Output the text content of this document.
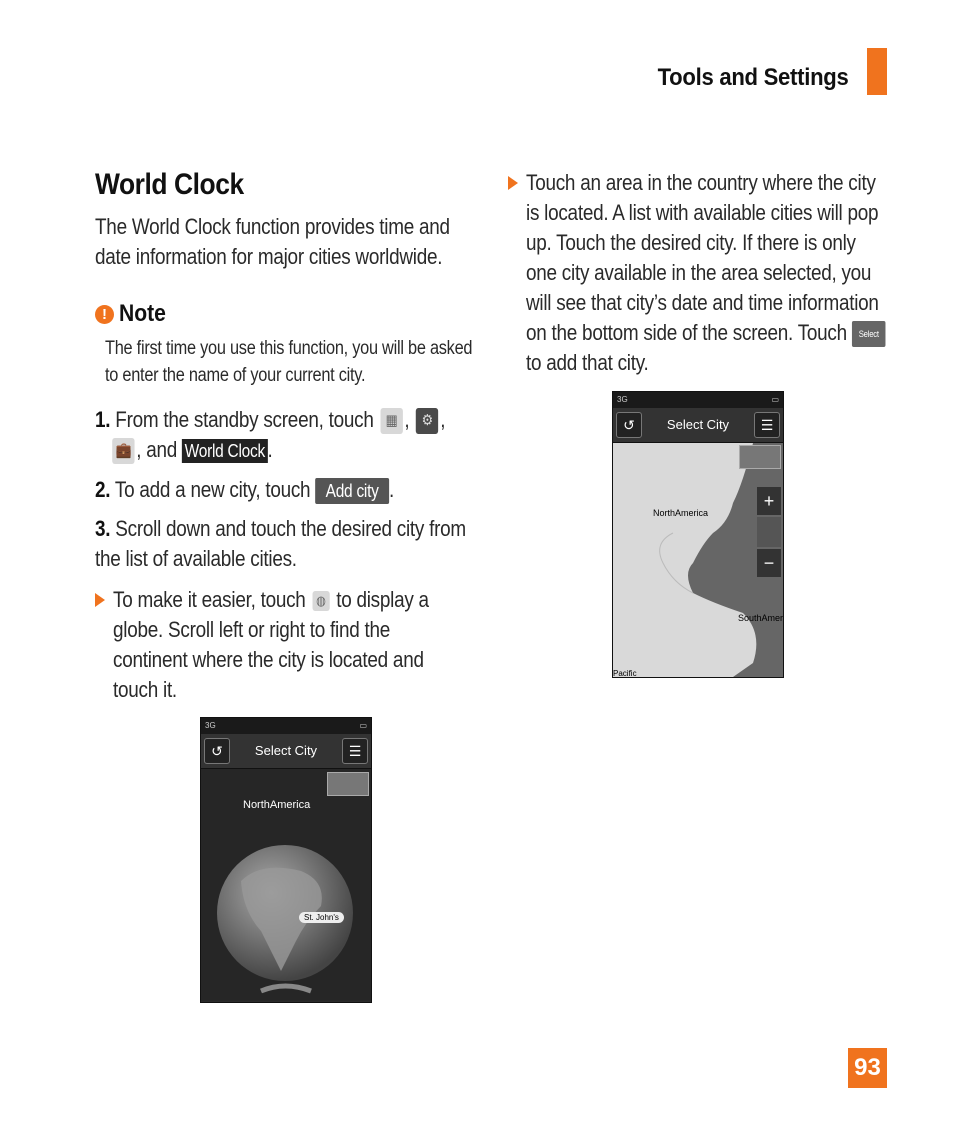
Tools and Settings
World Clock
The World Clock function provides time and date information for major cities worldwide.
! Note
The first time you use this function, you will be asked to enter the name of your current city.
1. From the standby screen, touch ▦ , ⚙ ,
💼 , and World Clock .
2. To add a new city, touch Add city .
3. Scroll down and touch the desired city from the list of available cities.
To make it easier, touch ◍ to display a globe. Scroll left or right to find the continent where the city is located and touch it.
3G	▭
↺	Select City	☰
NorthAmerica
St. John's
Touch an area in the country where the city is located. A list with available cities will pop up. Touch the desired city. If there is only one city available in the area selected, you will see that city’s date and time information on the bottom side of the screen. Touch Select to add that city.
3G	▭
↺	Select City	☰
NorthAmerica
SouthAmer
Pacific
+
−
93
